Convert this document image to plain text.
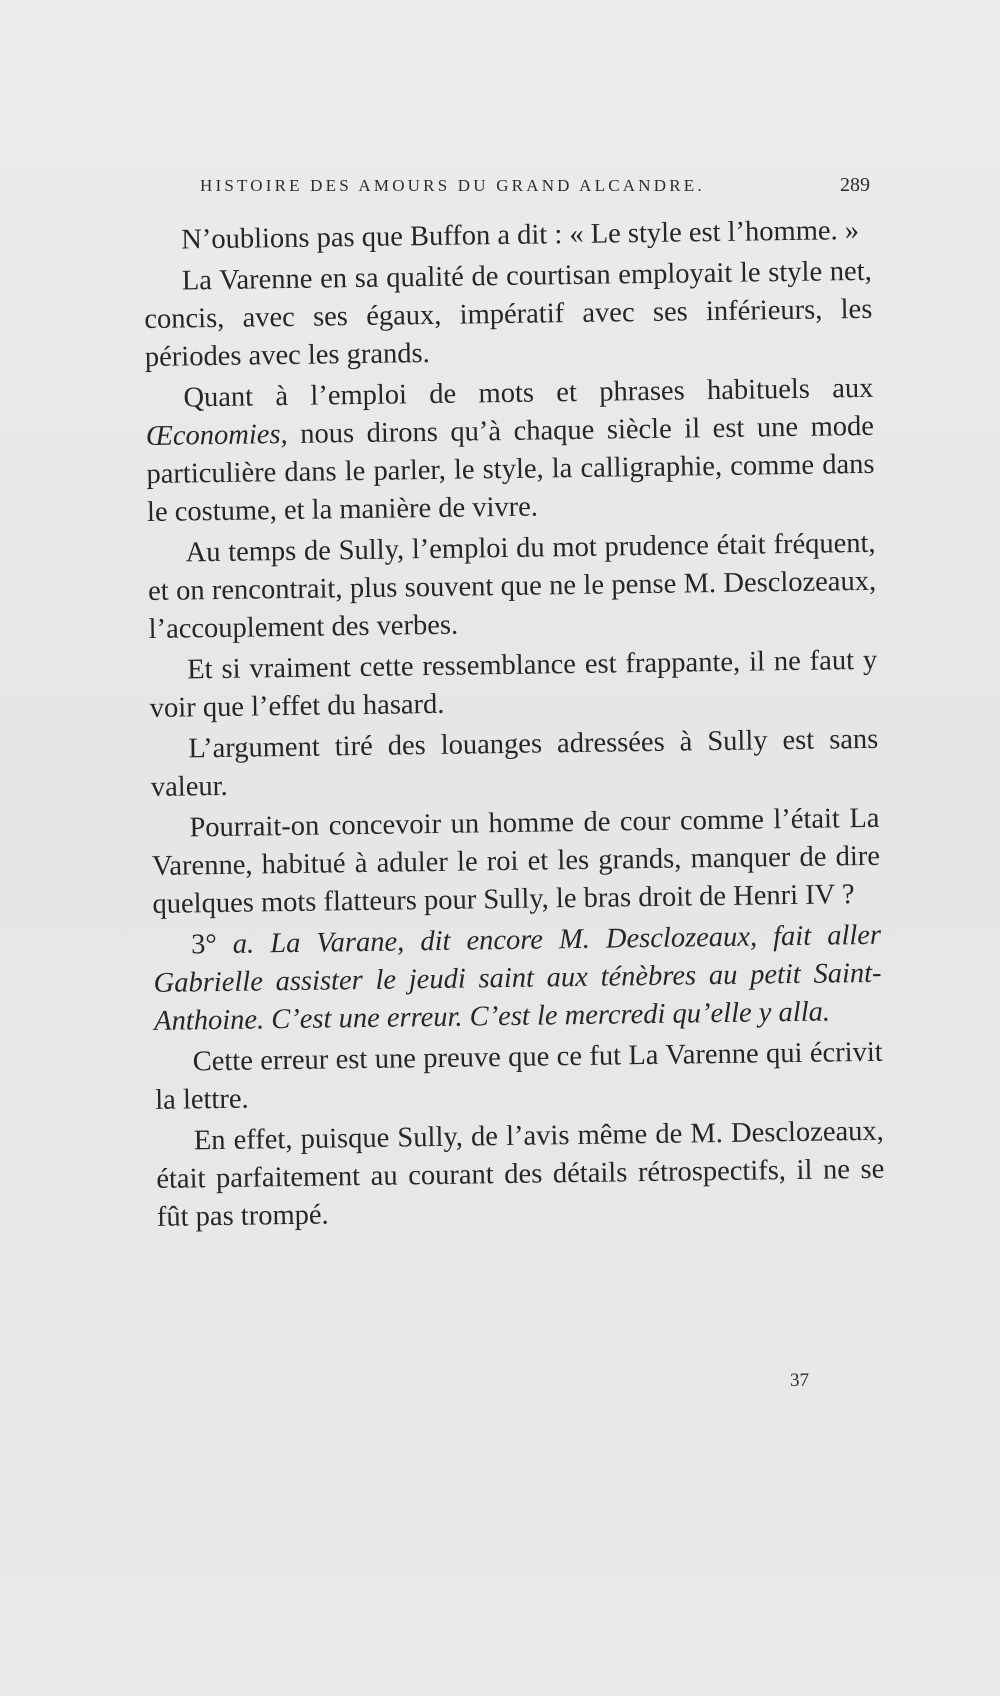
HISTOIRE DES AMOURS DU GRAND ALCANDRE.	289

N’oublions pas que Buffon a dit : « Le style est l’homme. »

La Varenne en sa qualité de courtisan employait le style net, concis, avec ses égaux, impératif avec ses inférieurs, les périodes avec les grands.

Quant à l’emploi de mots et phrases habituels aux Œconomies, nous dirons qu’à chaque siècle il est une mode particulière dans le parler, le style, la calligraphie, comme dans le costume, et la manière de vivre.

Au temps de Sully, l’emploi du mot prudence était fréquent, et on rencontrait, plus souvent que ne le pense M. Desclozeaux, l’accouplement des verbes.

Et si vraiment cette ressemblance est frappante, il ne faut y voir que l’effet du hasard.

L’argument tiré des louanges adressées à Sully est sans valeur.

Pourrait-on concevoir un homme de cour comme l’était La Varenne, habitué à aduler le roi et les grands, manquer de dire quelques mots flatteurs pour Sully, le bras droit de Henri IV ?

3° a. La Varane, dit encore M. Desclozeaux, fait aller Gabrielle assister le jeudi saint aux ténèbres au petit Saint-Anthoine. C’est une erreur. C’est le mercredi qu’elle y alla.

Cette erreur est une preuve que ce fut La Varenne qui écrivit la lettre.

En effet, puisque Sully, de l’avis même de M. Desclozeaux, était parfaitement au courant des détails rétrospectifs, il ne se fût pas trompé.

37
